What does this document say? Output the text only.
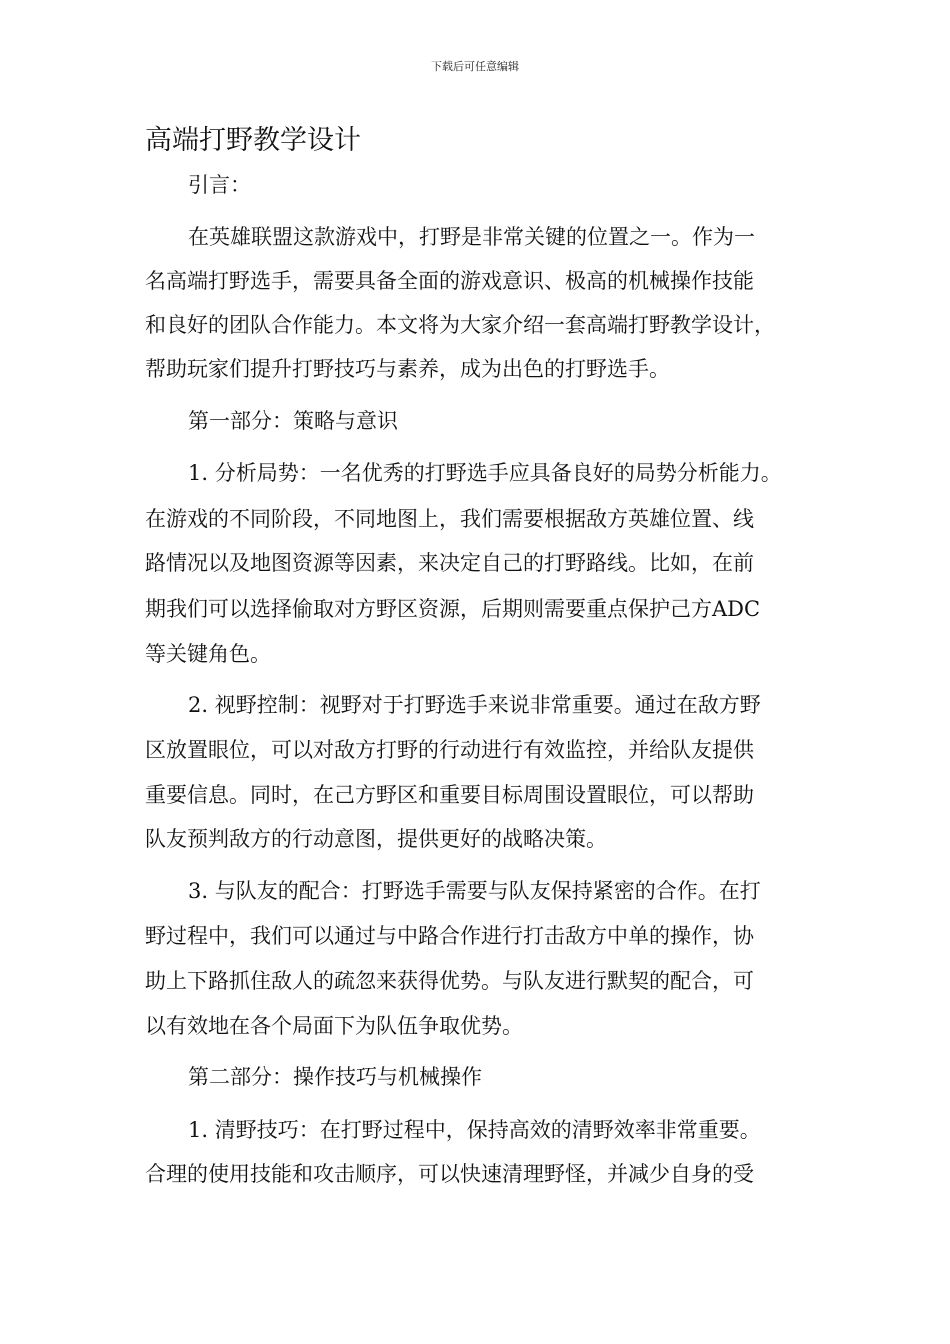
下载后可任意编辑
高端打野教学设计
引言：
在英雄联盟这款游戏中，打野是非常关键的位置之一。作为一
名高端打野选手，需要具备全面的游戏意识、极高的机械操作技能
和良好的团队合作能力。本文将为大家介绍一套高端打野教学设计，
帮助玩家们提升打野技巧与素养，成为出色的打野选手。
第一部分：策略与意识
1. 分析局势：一名优秀的打野选手应具备良好的局势分析能力。
在游戏的不同阶段，不同地图上，我们需要根据敌方英雄位置、线
路情况以及地图资源等因素，来决定自己的打野路线。比如，在前
期我们可以选择偷取对方野区资源，后期则需要重点保护己方ADC
等关键角色。
2. 视野控制：视野对于打野选手来说非常重要。通过在敌方野
区放置眼位，可以对敌方打野的行动进行有效监控，并给队友提供
重要信息。同时，在己方野区和重要目标周围设置眼位，可以帮助
队友预判敌方的行动意图，提供更好的战略决策。
3. 与队友的配合：打野选手需要与队友保持紧密的合作。在打
野过程中，我们可以通过与中路合作进行打击敌方中单的操作，协
助上下路抓住敌人的疏忽来获得优势。与队友进行默契的配合，可
以有效地在各个局面下为队伍争取优势。
第二部分：操作技巧与机械操作
1. 清野技巧：在打野过程中，保持高效的清野效率非常重要。
合理的使用技能和攻击顺序，可以快速清理野怪，并减少自身的受
